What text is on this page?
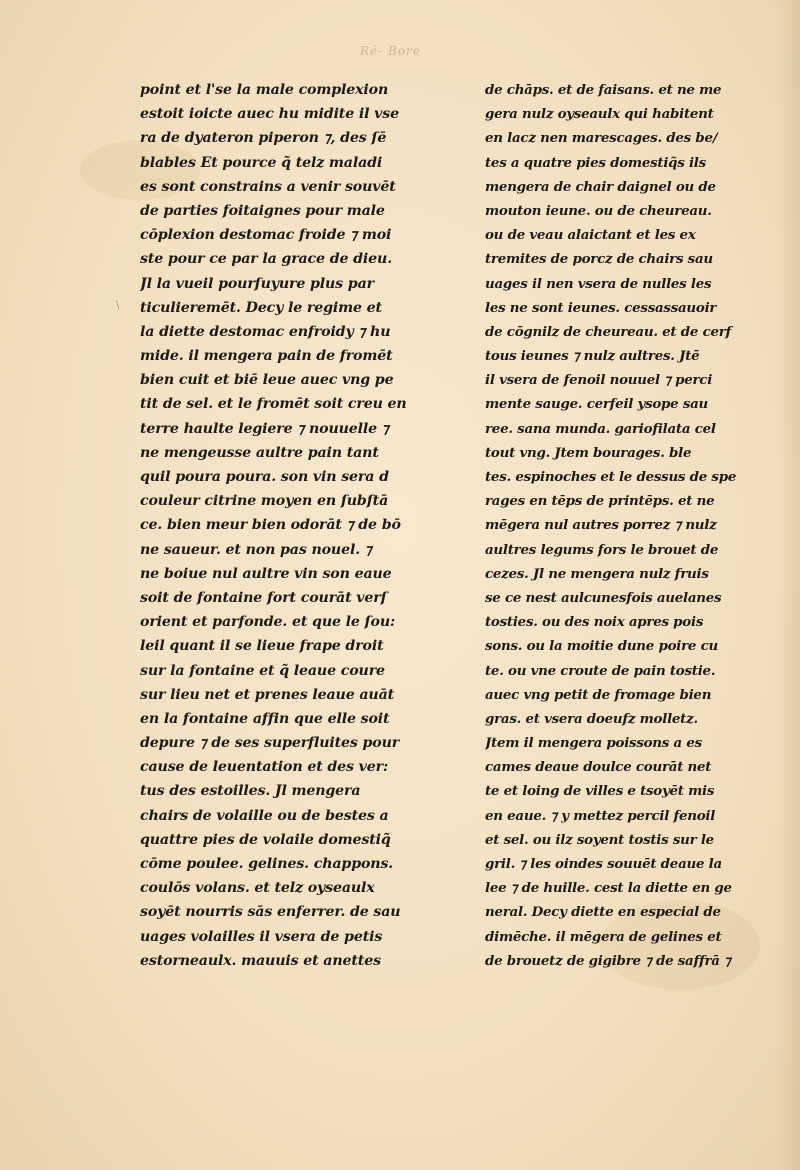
Ré- Bore
\
point et l'se la male complexion
estoit ioicte auec hu midite il vse
ra de dyateron piperon ⁊, des ſē
blables Et pource q̃ telz maladi
es sont constrains a venir souvēt
de parties foitaignes pour male
cōplexion destomac froide ⁊ moi
ste pour ce par la grace de dieu.
Jl la vueil pourſuyure plus par
ticulieremēt. Decy le regime et
la diette destomac enfroidy ⁊ hu
mide. il mengera pain de fromēt
bien cuit et biē leue auec vng pe
tit de sel. et le fromēt soit creu en
terre haulte legiere ⁊ nouuelle ⁊
ne mengeusse aultre pain tant
quil poura poura. son vin sera d
couleur citrine moyen en ſubſtā
ce. bien meur bien odorāt ⁊ de bō
ne saueur. et non pas nouel. ⁊
ne boiue nul aultre vin son eaue
soit de fontaine fort courāt verſ
orient et parfonde. et que le ſou:
leil quant il se lieue frape droit
sur la fontaine et q̃ leaue coure
sur lieu net et prenes leaue auāt
en la fontaine affin que elle soit
depure ⁊ de ses superfluites pour
cause de leuentation et des ver:
tus des estoilles. Jl mengera
chairs de volaille ou de bestes a
quattre pies de volaile domestiq̃
cōme poulee. gelines. chappons.
coulōs volans. et telz oyseaulx
soyēt nourris sās enferrer. de sau
uages volailles il vsera de petis
estorneaulx. mauuis et anettes
de chāps. et de faisans. et ne me
gera nulz oyseaulx qui habitent
en lacz nen marescages. des be/
tes a quatre pies domestiq̃s ils
mengera de chair daignel ou de
mouton ieune. ou de cheureau.
ou de veau alaictant et les ex
tremites de porcz de chairs sau
uages il nen vsera de nulles les
les ne sont ieunes. cessassauoir
de cōgnilz de cheureau. et de cerf
tous ieunes ⁊ nulz aultres. Jtē
il vsera de fenoil nouuel ⁊ perci
mente sauge. cerfeil ysope sau
ree. sana munda. gariofilata cel
tout vng. Jtem bourages. ble
tes. espinoches et le dessus de spe
rages en tēps de printēps. et ne
mēgera nul autres porrez ⁊ nulz
aultres legums fors le brouet de
cezes. Jl ne mengera nulz fruis
se ce nest aulcunesfois auelanes
tosties. ou des noix apres pois
sons. ou la moitie dune poire cu
te. ou vne croute de pain tostie.
auec vng petit de fromage bien
gras. et vsera doeufz molletz.
Jtem il mengera poissons a es
cames deaue doulce courāt net
te et loing de villes e tsoyēt mis
en eaue. ⁊ y mettez percil fenoil
et sel. ou ilz soyent tostis sur le
gril. ⁊ les oindes souuēt deaue la
lee ⁊ de huille. cest la diette en ge
neral. Decy diette en especial de
dimēche. il mēgera de gelines et
de brouetz de gigibre ⁊ de saffrā ⁊
